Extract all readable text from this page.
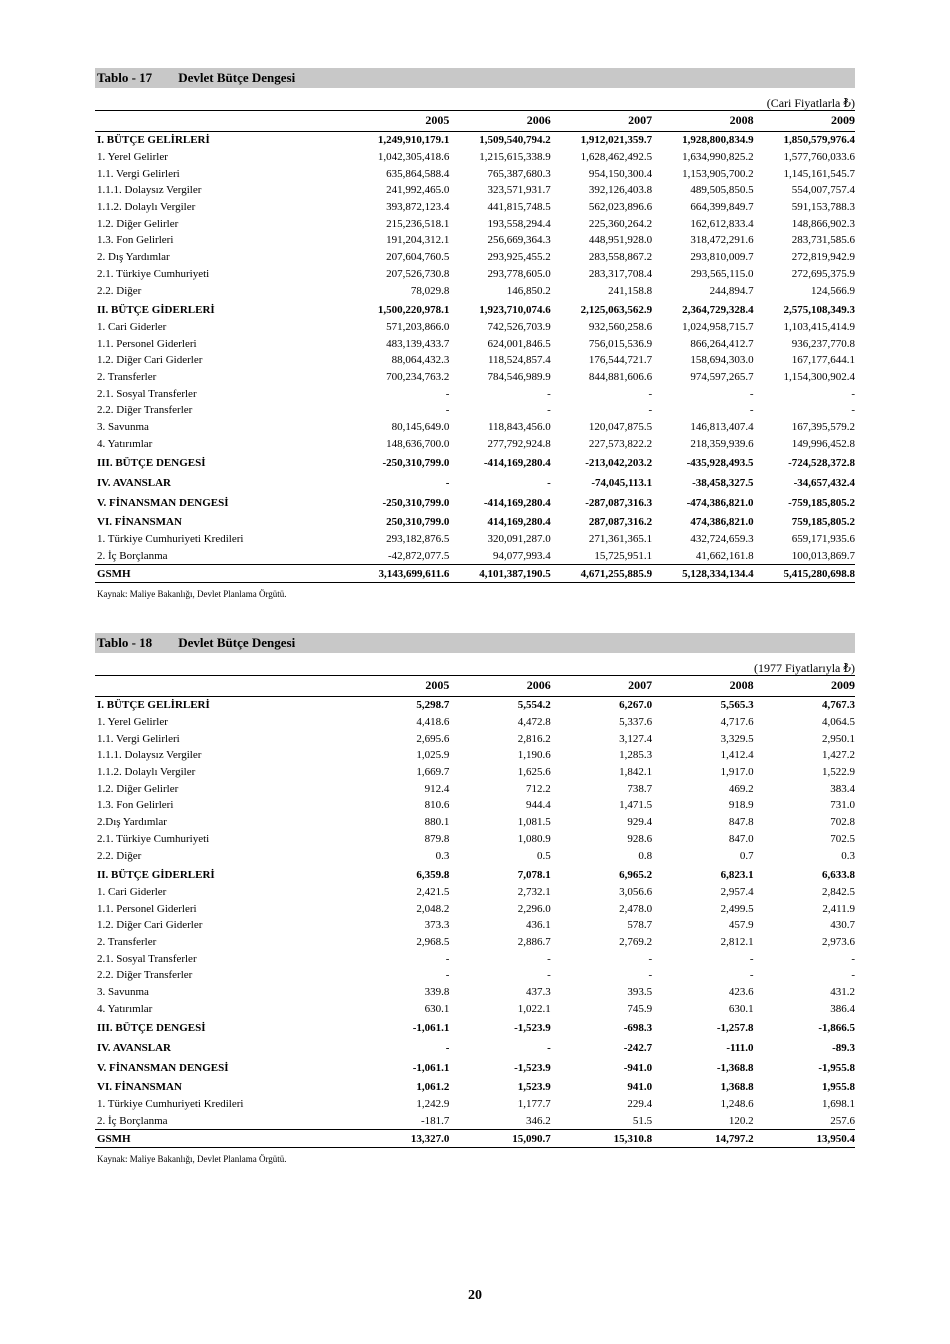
Tablo - 17 Devlet Bütçe Dengesi
(Cari Fiyatlarla ₺)
	2005	2006	2007	2008	2009
I. BÜTÇE GELİRLERİ	1,249,910,179.1	1,509,540,794.2	1,912,021,359.7	1,928,800,834.9	1,850,579,976.4
1. Yerel Gelirler	1,042,305,418.6	1,215,615,338.9	1,628,462,492.5	1,634,990,825.2	1,577,760,033.6
1.1. Vergi Gelirleri	635,864,588.4	765,387,680.3	954,150,300.4	1,153,905,700.2	1,145,161,545.7
1.1.1. Dolaysız Vergiler	241,992,465.0	323,571,931.7	392,126,403.8	489,505,850.5	554,007,757.4
1.1.2. Dolaylı Vergiler	393,872,123.4	441,815,748.5	562,023,896.6	664,399,849.7	591,153,788.3
1.2. Diğer Gelirler	215,236,518.1	193,558,294.4	225,360,264.2	162,612,833.4	148,866,902.3
1.3. Fon Gelirleri	191,204,312.1	256,669,364.3	448,951,928.0	318,472,291.6	283,731,585.6
2. Dış Yardımlar	207,604,760.5	293,925,455.2	283,558,867.2	293,810,009.7	272,819,942.9
2.1. Türkiye Cumhuriyeti	207,526,730.8	293,778,605.0	283,317,708.4	293,565,115.0	272,695,375.9
2.2. Diğer	78,029.8	146,850.2	241,158.8	244,894.7	124,566.9
II. BÜTÇE GİDERLERİ	1,500,220,978.1	1,923,710,074.6	2,125,063,562.9	2,364,729,328.4	2,575,108,349.3
1. Cari Giderler	571,203,866.0	742,526,703.9	932,560,258.6	1,024,958,715.7	1,103,415,414.9
1.1. Personel Giderleri	483,139,433.7	624,001,846.5	756,015,536.9	866,264,412.7	936,237,770.8
1.2. Diğer Cari Giderler	88,064,432.3	118,524,857.4	176,544,721.7	158,694,303.0	167,177,644.1
2. Transferler	700,234,763.2	784,546,989.9	844,881,606.6	974,597,265.7	1,154,300,902.4
2.1. Sosyal Transferler	-	-	-	-	-
2.2. Diğer Transferler	-	-	-	-	-
3. Savunma	80,145,649.0	118,843,456.0	120,047,875.5	146,813,407.4	167,395,579.2
4. Yatırımlar	148,636,700.0	277,792,924.8	227,573,822.2	218,359,939.6	149,996,452.8
III. BÜTÇE DENGESİ	-250,310,799.0	-414,169,280.4	-213,042,203.2	-435,928,493.5	-724,528,372.8
IV. AVANSLAR	-	-	-74,045,113.1	-38,458,327.5	-34,657,432.4
V. FİNANSMAN DENGESİ	-250,310,799.0	-414,169,280.4	-287,087,316.3	-474,386,821.0	-759,185,805.2
VI. FİNANSMAN	250,310,799.0	414,169,280.4	287,087,316.2	474,386,821.0	759,185,805.2
1. Türkiye Cumhuriyeti Kredileri	293,182,876.5	320,091,287.0	271,361,365.1	432,724,659.3	659,171,935.6
2. İç Borçlanma	-42,872,077.5	94,077,993.4	15,725,951.1	41,662,161.8	100,013,869.7
GSMH	3,143,699,611.6	4,101,387,190.5	4,671,255,885.9	5,128,334,134.4	5,415,280,698.8
Kaynak: Maliye Bakanlığı, Devlet Planlama Örgütü.
Tablo - 18 Devlet Bütçe Dengesi
(1977 Fiyatlarıyla ₺)
	2005	2006	2007	2008	2009
I. BÜTÇE GELİRLERİ	5,298.7	5,554.2	6,267.0	5,565.3	4,767.3
1. Yerel Gelirler	4,418.6	4,472.8	5,337.6	4,717.6	4,064.5
1.1. Vergi Gelirleri	2,695.6	2,816.2	3,127.4	3,329.5	2,950.1
1.1.1. Dolaysız Vergiler	1,025.9	1,190.6	1,285.3	1,412.4	1,427.2
1.1.2. Dolaylı Vergiler	1,669.7	1,625.6	1,842.1	1,917.0	1,522.9
1.2. Diğer Gelirler	912.4	712.2	738.7	469.2	383.4
1.3. Fon Gelirleri	810.6	944.4	1,471.5	918.9	731.0
2.Dış Yardımlar	880.1	1,081.5	929.4	847.8	702.8
2.1. Türkiye Cumhuriyeti	879.8	1,080.9	928.6	847.0	702.5
2.2. Diğer	0.3	0.5	0.8	0.7	0.3
II. BÜTÇE GİDERLERİ	6,359.8	7,078.1	6,965.2	6,823.1	6,633.8
1. Cari Giderler	2,421.5	2,732.1	3,056.6	2,957.4	2,842.5
1.1. Personel Giderleri	2,048.2	2,296.0	2,478.0	2,499.5	2,411.9
1.2. Diğer Cari Giderler	373.3	436.1	578.7	457.9	430.7
2. Transferler	2,968.5	2,886.7	2,769.2	2,812.1	2,973.6
2.1. Sosyal Transferler	-	-	-	-	-
2.2. Diğer Transferler	-	-	-	-	-
3. Savunma	339.8	437.3	393.5	423.6	431.2
4. Yatırımlar	630.1	1,022.1	745.9	630.1	386.4
III. BÜTÇE DENGESİ	-1,061.1	-1,523.9	-698.3	-1,257.8	-1,866.5
IV. AVANSLAR	-	-	-242.7	-111.0	-89.3
V. FİNANSMAN DENGESİ	-1,061.1	-1,523.9	-941.0	-1,368.8	-1,955.8
VI. FİNANSMAN	1,061.2	1,523.9	941.0	1,368.8	1,955.8
1. Türkiye Cumhuriyeti Kredileri	1,242.9	1,177.7	229.4	1,248.6	1,698.1
2. İç Borçlanma	-181.7	346.2	51.5	120.2	257.6
GSMH	13,327.0	15,090.7	15,310.8	14,797.2	13,950.4
Kaynak: Maliye Bakanlığı, Devlet Planlama Örgütü.
20
